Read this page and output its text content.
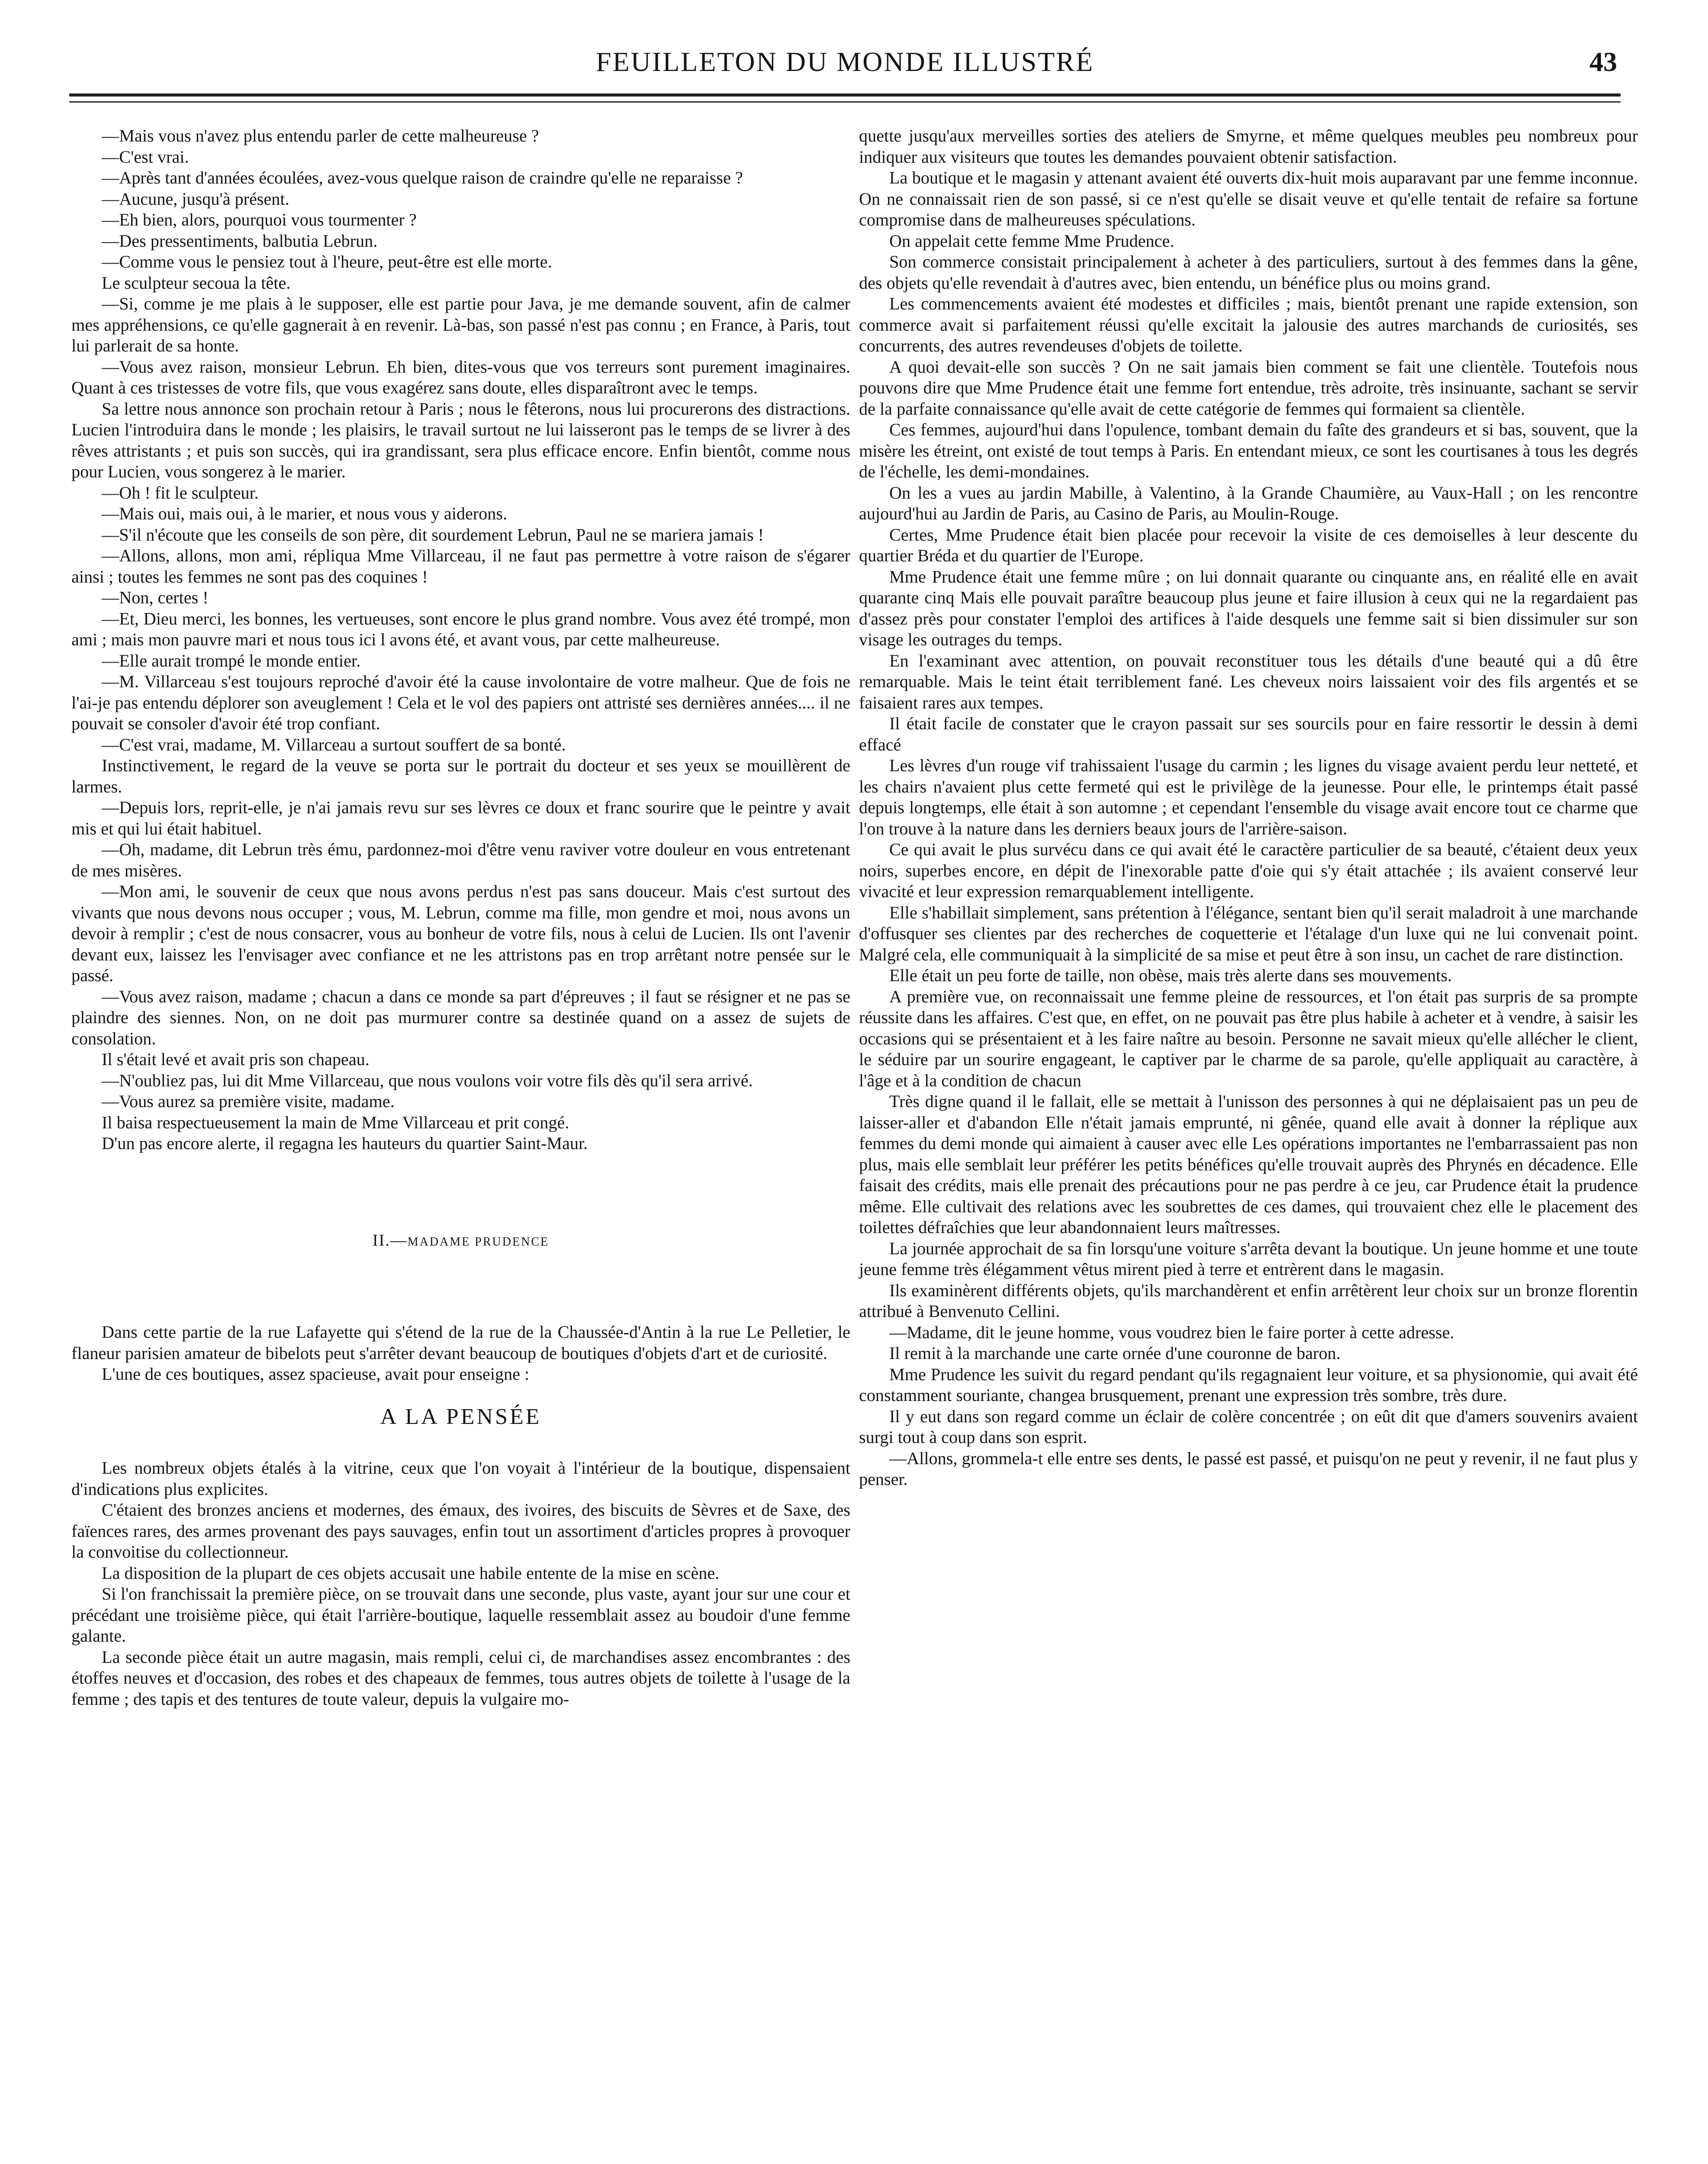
FEUILLETON DU MONDE ILLUSTRÉ	43

—Mais vous n'avez plus entendu parler de cette malheureuse ?

—C'est vrai.

—Après tant d'années écoulées, avez-vous quelque raison de craindre qu'elle ne reparaisse ?

—Aucune, jusqu'à présent.

—Eh bien, alors, pourquoi vous tourmenter ?

—Des pressentiments, balbutia Lebrun.

—Comme vous le pensiez tout à l'heure, peut-être est elle morte.

Le sculpteur secoua la tête.

—Si, comme je me plais à le supposer, elle est partie pour Java, je me demande souvent, afin de calmer mes appréhensions, ce qu'elle gagnerait à en revenir. Là-bas, son passé n'est pas connu ; en France, à Paris, tout lui parlerait de sa honte.

—Vous avez raison, monsieur Lebrun. Eh bien, dites-vous que vos terreurs sont purement imaginaires. Quant à ces tristesses de votre fils, que vous exagérez sans doute, elles disparaîtront avec le temps.

Sa lettre nous annonce son prochain retour à Paris ; nous le fêterons, nous lui procurerons des distractions. Lucien l'introduira dans le monde ; les plaisirs, le travail surtout ne lui laisseront pas le temps de se livrer à des rêves attristants ; et puis son succès, qui ira grandissant, sera plus efficace encore. Enfin bientôt, comme nous pour Lucien, vous songerez à le marier.

—Oh ! fit le sculpteur.

—Mais oui, mais oui, à le marier, et nous vous y aiderons.

—S'il n'écoute que les conseils de son père, dit sourdement Lebrun, Paul ne se mariera jamais !

—Allons, allons, mon ami, répliqua Mme Villarceau, il ne faut pas permettre à votre raison de s'égarer ainsi ; toutes les femmes ne sont pas des coquines !

—Non, certes !

—Et, Dieu merci, les bonnes, les vertueuses, sont encore le plus grand nombre. Vous avez été trompé, mon ami ; mais mon pauvre mari et nous tous ici l avons été, et avant vous, par cette malheureuse.

—Elle aurait trompé le monde entier.

—M. Villarceau s'est toujours reproché d'avoir été la cause involontaire de votre malheur. Que de fois ne l'ai-je pas entendu déplorer son aveuglement ! Cela et le vol des papiers ont attristé ses dernières années.... il ne pouvait se consoler d'avoir été trop confiant.

—C'est vrai, madame, M. Villarceau a surtout souffert de sa bonté.

Instinctivement, le regard de la veuve se porta sur le portrait du docteur et ses yeux se mouillèrent de larmes.

—Depuis lors, reprit-elle, je n'ai jamais revu sur ses lèvres ce doux et franc sourire que le peintre y avait mis et qui lui était habituel.

—Oh, madame, dit Lebrun très ému, pardonnez-moi d'être venu raviver votre douleur en vous entretenant de mes misères.

—Mon ami, le souvenir de ceux que nous avons perdus n'est pas sans douceur. Mais c'est surtout des vivants que nous devons nous occuper ; vous, M. Lebrun, comme ma fille, mon gendre et moi, nous avons un devoir à remplir ; c'est de nous consacrer, vous au bonheur de votre fils, nous à celui de Lucien. Ils ont l'avenir devant eux, laissez les l'envisager avec confiance et ne les attristons pas en trop arrêtant notre pensée sur le passé.

—Vous avez raison, madame ; chacun a dans ce monde sa part d'épreuves ; il faut se résigner et ne pas se plaindre des siennes. Non, on ne doit pas murmurer contre sa destinée quand on a assez de sujets de consolation.

Il s'était levé et avait pris son chapeau.

—N'oubliez pas, lui dit Mme Villarceau, que nous voulons voir votre fils dès qu'il sera arrivé.

—Vous aurez sa première visite, madame.

Il baisa respectueusement la main de Mme Villarceau et prit congé.

D'un pas encore alerte, il regagna les hauteurs du quartier Saint-Maur.

II.—MADAME PRUDENCE

Dans cette partie de la rue Lafayette qui s'étend de la rue de la Chaussée-d'Antin à la rue Le Pelletier, le flaneur parisien amateur de bibelots peut s'arrêter devant beaucoup de boutiques d'objets d'art et de curiosité.

L'une de ces boutiques, assez spacieuse, avait pour enseigne :

A LA PENSÉE

Les nombreux objets étalés à la vitrine, ceux que l'on voyait à l'intérieur de la boutique, dispensaient d'indications plus explicites.

C'étaient des bronzes anciens et modernes, des émaux, des ivoires, des biscuits de Sèvres et de Saxe, des faïences rares, des armes provenant des pays sauvages, enfin tout un assortiment d'articles propres à provoquer la convoitise du collectionneur.

La disposition de la plupart de ces objets accusait une habile entente de la mise en scène.

Si l'on franchissait la première pièce, on se trouvait dans une seconde, plus vaste, ayant jour sur une cour et précédant une troisième pièce, qui était l'arrière-boutique, laquelle ressemblait assez au boudoir d'une femme galante.

La seconde pièce était un autre magasin, mais rempli, celui ci, de marchandises assez encombrantes : des étoffes neuves et d'occasion, des robes et des chapeaux de femmes, tous autres objets de toilette à l'usage de la femme ; des tapis et des tentures de toute valeur, depuis la vulgaire mo-

quette jusqu'aux merveilles sorties des ateliers de Smyrne, et même quelques meubles peu nombreux pour indiquer aux visiteurs que toutes les demandes pouvaient obtenir satisfaction.

La boutique et le magasin y attenant avaient été ouverts dix-huit mois auparavant par une femme inconnue. On ne connaissait rien de son passé, si ce n'est qu'elle se disait veuve et qu'elle tentait de refaire sa fortune compromise dans de malheureuses spéculations.

On appelait cette femme Mme Prudence.

Son commerce consistait principalement à acheter à des particuliers, surtout à des femmes dans la gêne, des objets qu'elle revendait à d'autres avec, bien entendu, un bénéfice plus ou moins grand.

Les commencements avaient été modestes et difficiles ; mais, bientôt prenant une rapide extension, son commerce avait si parfaitement réussi qu'elle excitait la jalousie des autres marchands de curiosités, ses concurrents, des autres revendeuses d'objets de toilette.

A quoi devait-elle son succès ? On ne sait jamais bien comment se fait une clientèle. Toutefois nous pouvons dire que Mme Prudence était une femme fort entendue, très adroite, très insinuante, sachant se servir de la parfaite connaissance qu'elle avait de cette catégorie de femmes qui formaient sa clientèle.

Ces femmes, aujourd'hui dans l'opulence, tombant demain du faîte des grandeurs et si bas, souvent, que la misère les étreint, ont existé de tout temps à Paris. En entendant mieux, ce sont les courtisanes à tous les degrés de l'échelle, les demi-mondaines.

On les a vues au jardin Mabille, à Valentino, à la Grande Chaumière, au Vaux-Hall ; on les rencontre aujourd'hui au Jardin de Paris, au Casino de Paris, au Moulin-Rouge.

Certes, Mme Prudence était bien placée pour recevoir la visite de ces demoiselles à leur descente du quartier Bréda et du quartier de l'Europe.

Mme Prudence était une femme mûre ; on lui donnait quarante ou cinquante ans, en réalité elle en avait quarante cinq Mais elle pouvait paraître beaucoup plus jeune et faire illusion à ceux qui ne la regardaient pas d'assez près pour constater l'emploi des artifices à l'aide desquels une femme sait si bien dissimuler sur son visage les outrages du temps.

En l'examinant avec attention, on pouvait reconstituer tous les détails d'une beauté qui a dû être remarquable. Mais le teint était terriblement fané. Les cheveux noirs laissaient voir des fils argentés et se faisaient rares aux tempes.

Il était facile de constater que le crayon passait sur ses sourcils pour en faire ressortir le dessin à demi effacé

Les lèvres d'un rouge vif trahissaient l'usage du carmin ; les lignes du visage avaient perdu leur netteté, et les chairs n'avaient plus cette fermeté qui est le privilège de la jeunesse. Pour elle, le printemps était passé depuis longtemps, elle était à son automne ; et cependant l'ensemble du visage avait encore tout ce charme que l'on trouve à la nature dans les derniers beaux jours de l'arrière-saison.

Ce qui avait le plus survécu dans ce qui avait été le caractère particulier de sa beauté, c'étaient deux yeux noirs, superbes encore, en dépit de l'inexorable patte d'oie qui s'y était attachée ; ils avaient conservé leur vivacité et leur expression remarquablement intelligente.

Elle s'habillait simplement, sans prétention à l'élégance, sentant bien qu'il serait maladroit à une marchande d'offusquer ses clientes par des recherches de coquetterie et l'étalage d'un luxe qui ne lui convenait point. Malgré cela, elle communiquait à la simplicité de sa mise et peut être à son insu, un cachet de rare distinction.

Elle était un peu forte de taille, non obèse, mais très alerte dans ses mouvements.

A première vue, on reconnaissait une femme pleine de ressources, et l'on était pas surpris de sa prompte réussite dans les affaires. C'est que, en effet, on ne pouvait pas être plus habile à acheter et à vendre, à saisir les occasions qui se présentaient et à les faire naître au besoin. Personne ne savait mieux qu'elle allécher le client, le séduire par un sourire engageant, le captiver par le charme de sa parole, qu'elle appliquait au caractère, à l'âge et à la condition de chacun

Très digne quand il le fallait, elle se mettait à l'unisson des personnes à qui ne déplaisaient pas un peu de laisser-aller et d'abandon Elle n'était jamais emprunté, ni gênée, quand elle avait à donner la réplique aux femmes du demi monde qui aimaient à causer avec elle Les opérations importantes ne l'embarrassaient pas non plus, mais elle semblait leur préférer les petits bénéfices qu'elle trouvait auprès des Phrynés en décadence. Elle faisait des crédits, mais elle prenait des précautions pour ne pas perdre à ce jeu, car Prudence était la prudence même. Elle cultivait des relations avec les soubrettes de ces dames, qui trouvaient chez elle le placement des toilettes défraîchies que leur abandonnaient leurs maîtresses.

La journée approchait de sa fin lorsqu'une voiture s'arrêta devant la boutique. Un jeune homme et une toute jeune femme très élégamment vêtus mirent pied à terre et entrèrent dans le magasin.

Ils examinèrent différents objets, qu'ils marchandèrent et enfin arrêtèrent leur choix sur un bronze florentin attribué à Benvenuto Cellini.

—Madame, dit le jeune homme, vous voudrez bien le faire porter à cette adresse.

Il remit à la marchande une carte ornée d'une couronne de baron.

Mme Prudence les suivit du regard pendant qu'ils regagnaient leur voiture, et sa physionomie, qui avait été constamment souriante, changea brusquement, prenant une expression très sombre, très dure.

Il y eut dans son regard comme un éclair de colère concentrée ; on eût dit que d'amers souvenirs avaient surgi tout à coup dans son esprit.

—Allons, grommela-t elle entre ses dents, le passé est passé, et puisqu'on ne peut y revenir, il ne faut plus y penser.
